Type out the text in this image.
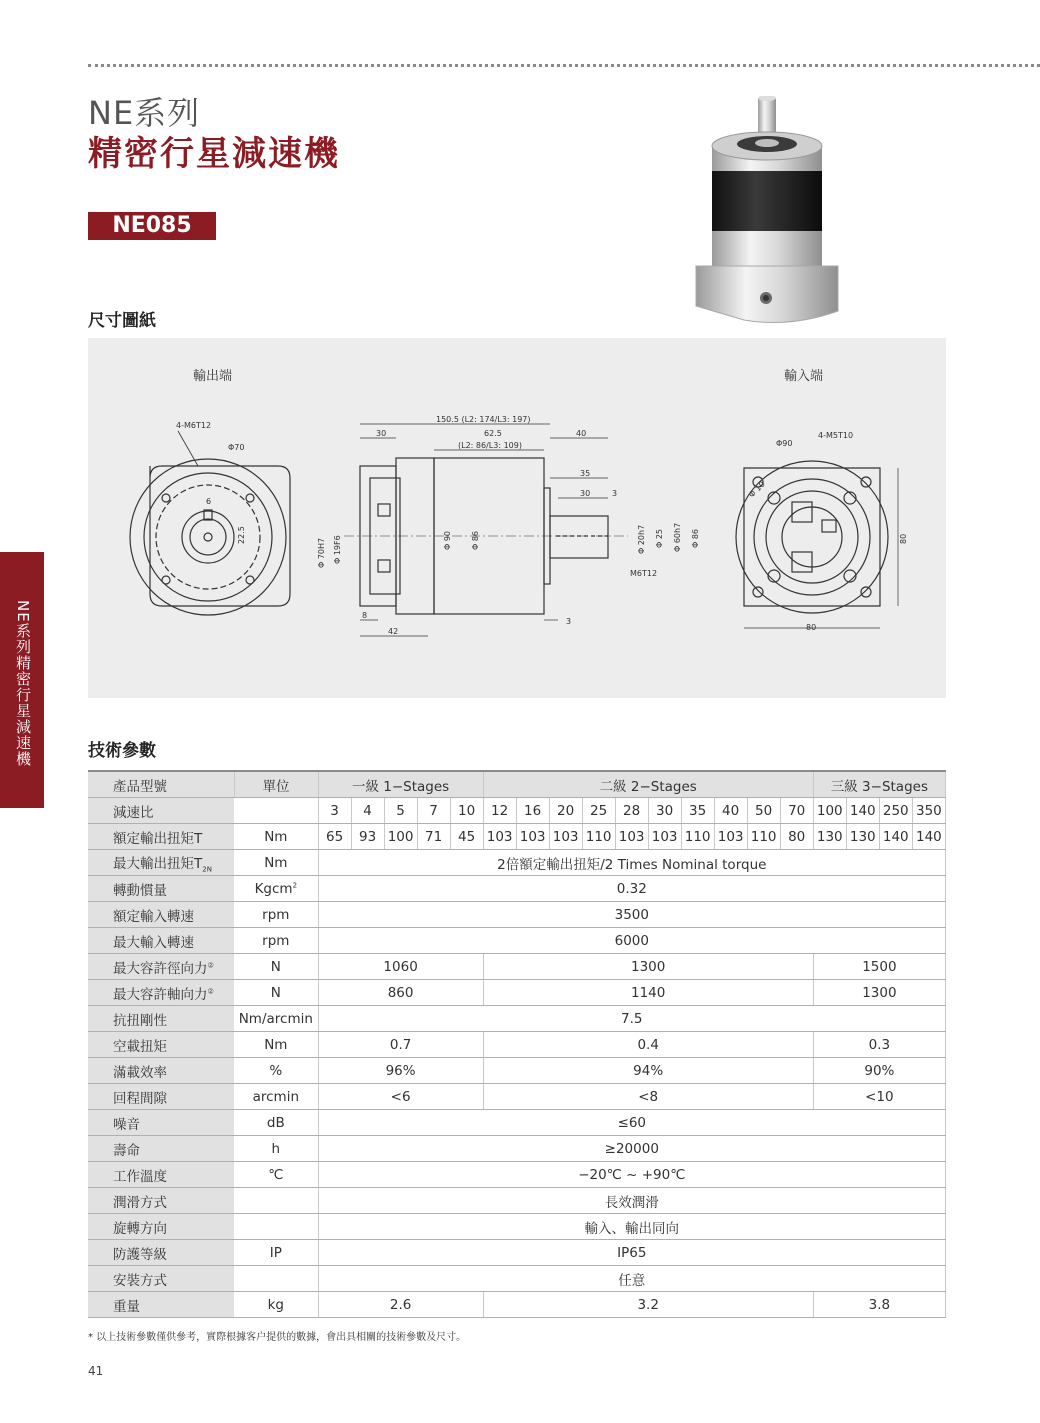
NE系列
精密行星減速機
NE085
尺寸圖紙
輸出端	輸入端
4-M6T12
Φ70
6
22.5
150.5 (L2: 174/L3: 197)
30	62.5
(L2: 86/L3: 109)
40
35
30	3
Φ 70H7 Φ 19F6	Φ 90 Φ 86	Φ 20h7 Φ 25 Φ 60h7 Φ 86
M6T12
8
42
3
Φ90
4-M5T10
Φ 10
80
80
NE系列精密行星減速機	技術參數
產品型號	單位	一級 1−Stages					二級 2−Stages										三級 3−Stages			
減速比		3	4	5	7	10	12	16	20	25	28	30	35	40	50	70	100	140	250	350
額定輸出扭矩T	Nm	65	93	100	71	45	103	103	103	110	103	103	110	103	110	80	130	130	140	140
最大輸出扭矩$T_{2N}$	Nm	2倍額定輸出扭矩/2 Times Nominal torque																		
轉動慣量	Kgcm$^2$	0.32																		
額定輸入轉速	rpm	3500																		
最大輸入轉速	rpm	6000																		
最大容許徑向力②	N	1060					1300										1500			
最大容許軸向力②	N	860					1140										1300			
抗扭剛性	Nm/arcmin	7.5																		
空載扭矩	Nm	0.7					0.4										0.3			
滿載效率	%	96%					94%										90%			
回程間隙	arcmin	<6					<8										<10			
噪音	dB	≤60																		
壽命	h	≥20000																		
工作溫度	℃	−20℃ ~ +90℃																		
潤滑方式		長效潤滑																		
旋轉方向		輸入、輸出同向																		
防護等級	IP	IP65																		
安裝方式		任意																		
重量	kg	2.6					3.2										3.8			
* 以上技術參數僅供參考，實際根據客户提供的數據，會出具相關的技術參數及尺寸。
41
